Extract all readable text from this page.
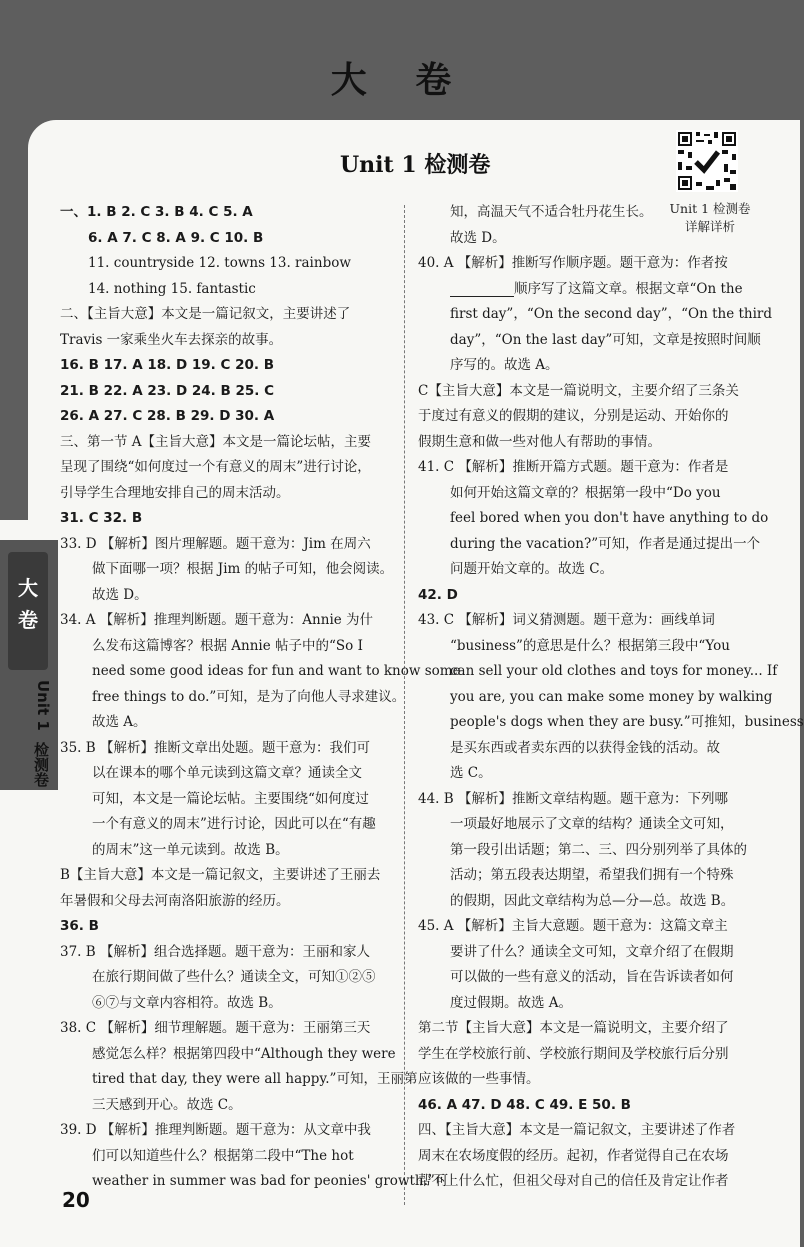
大 卷
Unit 1 检测卷
Unit 1 检测卷
详解详析
一、1. B 2. C 3. B 4. C 5. A
6. A 7. C 8. A 9. C 10. B
11. countryside 12. towns 13. rainbow
14. nothing 15. fantastic
二、【主旨大意】本文是一篇记叙文，主要讲述了
Travis 一家乘坐火车去探亲的故事。
16. B 17. A 18. D 19. C 20. B
21. B 22. A 23. D 24. B 25. C
26. A 27. C 28. B 29. D 30. A
三、第一节 A【主旨大意】本文是一篇论坛帖，主要
呈现了围绕“如何度过一个有意义的周末”进行讨论，
引导学生合理地安排自己的周末活动。
31. C 32. B
33. D 【解析】图片理解题。题干意为：Jim 在周六
做下面哪一项？根据 Jim 的帖子可知，他会阅读。
故选 D。
34. A 【解析】推理判断题。题干意为：Annie 为什
么发布这篇博客？根据 Annie 帖子中的“So I
need some good ideas for fun and want to know some
free things to do.”可知，是为了向他人寻求建议。
故选 A。
35. B 【解析】推断文章出处题。题干意为：我们可
以在课本的哪个单元读到这篇文章？通读全文
可知，本文是一篇论坛帖。主要围绕“如何度过
一个有意义的周末”进行讨论，因此可以在“有趣
的周末”这一单元读到。故选 B。
B【主旨大意】本文是一篇记叙文，主要讲述了王丽去
年暑假和父母去河南洛阳旅游的经历。
36. B
37. B 【解析】组合选择题。题干意为：王丽和家人
在旅行期间做了些什么？通读全文，可知①②⑤
⑥⑦与文章内容相符。故选 B。
38. C 【解析】细节理解题。题干意为：王丽第三天
感觉怎么样？根据第四段中“Although they were
tired that day, they were all happy.”可知，王丽第
三天感到开心。故选 C。
39. D 【解析】推理判断题。题干意为：从文章中我
们可以知道些什么？根据第二段中“The hot
weather in summer was bad for peonies' growth.”可
知，高温天气不适合牡丹花生长。
故选 D。
40. A 【解析】推断写作顺序题。题干意为：作者按
顺序写了这篇文章。根据文章“On the
first day”，“On the second day”，“On the third
day”，“On the last day”可知，文章是按照时间顺
序写的。故选 A。
C【主旨大意】本文是一篇说明文，主要介绍了三条关
于度过有意义的假期的建议，分别是运动、开始你的
假期生意和做一些对他人有帮助的事情。
41. C 【解析】推断开篇方式题。题干意为：作者是
如何开始这篇文章的？根据第一段中“Do you
feel bored when you don't have anything to do
during the vacation?”可知，作者是通过提出一个
问题开始文章的。故选 C。
42. D
43. C 【解析】词义猜测题。题干意为：画线单词
“business”的意思是什么？根据第三段中“You
can sell your old clothes and toys for money... If
you are, you can make some money by walking
people's dogs when they are busy.”可推知，business
是买东西或者卖东西的以获得金钱的活动。故
选 C。
44. B 【解析】推断文章结构题。题干意为：下列哪
一项最好地展示了文章的结构？通读全文可知，
第一段引出话题；第二、三、四分别列举了具体的
活动；第五段表达期望，希望我们拥有一个特殊
的假期，因此文章结构为总—分—总。故选 B。
45. A 【解析】主旨大意题。题干意为：这篇文章主
要讲了什么？通读全文可知，文章介绍了在假期
可以做的一些有意义的活动，旨在告诉读者如何
度过假期。故选 A。
第二节【主旨大意】本文是一篇说明文，主要介绍了
学生在学校旅行前、学校旅行期间及学校旅行后分别
应该做的一些事情。
46. A 47. D 48. C 49. E 50. B
四、【主旨大意】本文是一篇记叙文，主要讲述了作者
周末在农场度假的经历。起初，作者觉得自己在农场
帮不上什么忙，但祖父母对自己的信任及肯定让作者
大
卷
Unit 1
检测卷
20
